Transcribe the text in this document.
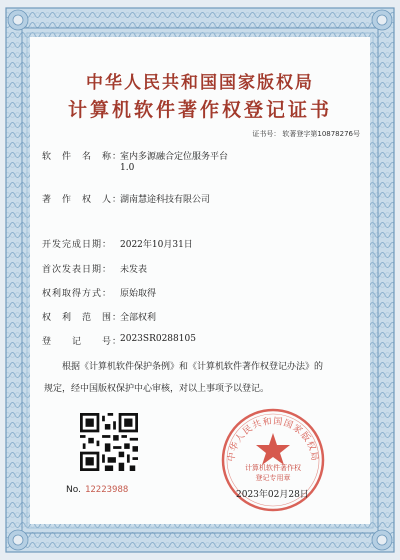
中华人民共和国国家版权局
计算机软件著作权登记证书
证书号： 软著登字第10878276号
软　件　名　称：
室内多源融合定位服务平台
1.0
著　作　权　人：
湖南慧途科技有限公司
开发完成日期： 2022年10月31日
首次发表日期： 未发表
权利取得方式： 原始取得
权　利　范　围：
全部权利
登　　记　　号：
2023SR0288105
根据《计算机软件保护条例》和《计算机软件著作权登记办法》的
规定，经中国版权保护中心审核，对以上事项予以登记。
No. 12223988
中华人民共和国国家版权局
计算机软件著作权
登记专用章
2023年02月28日
